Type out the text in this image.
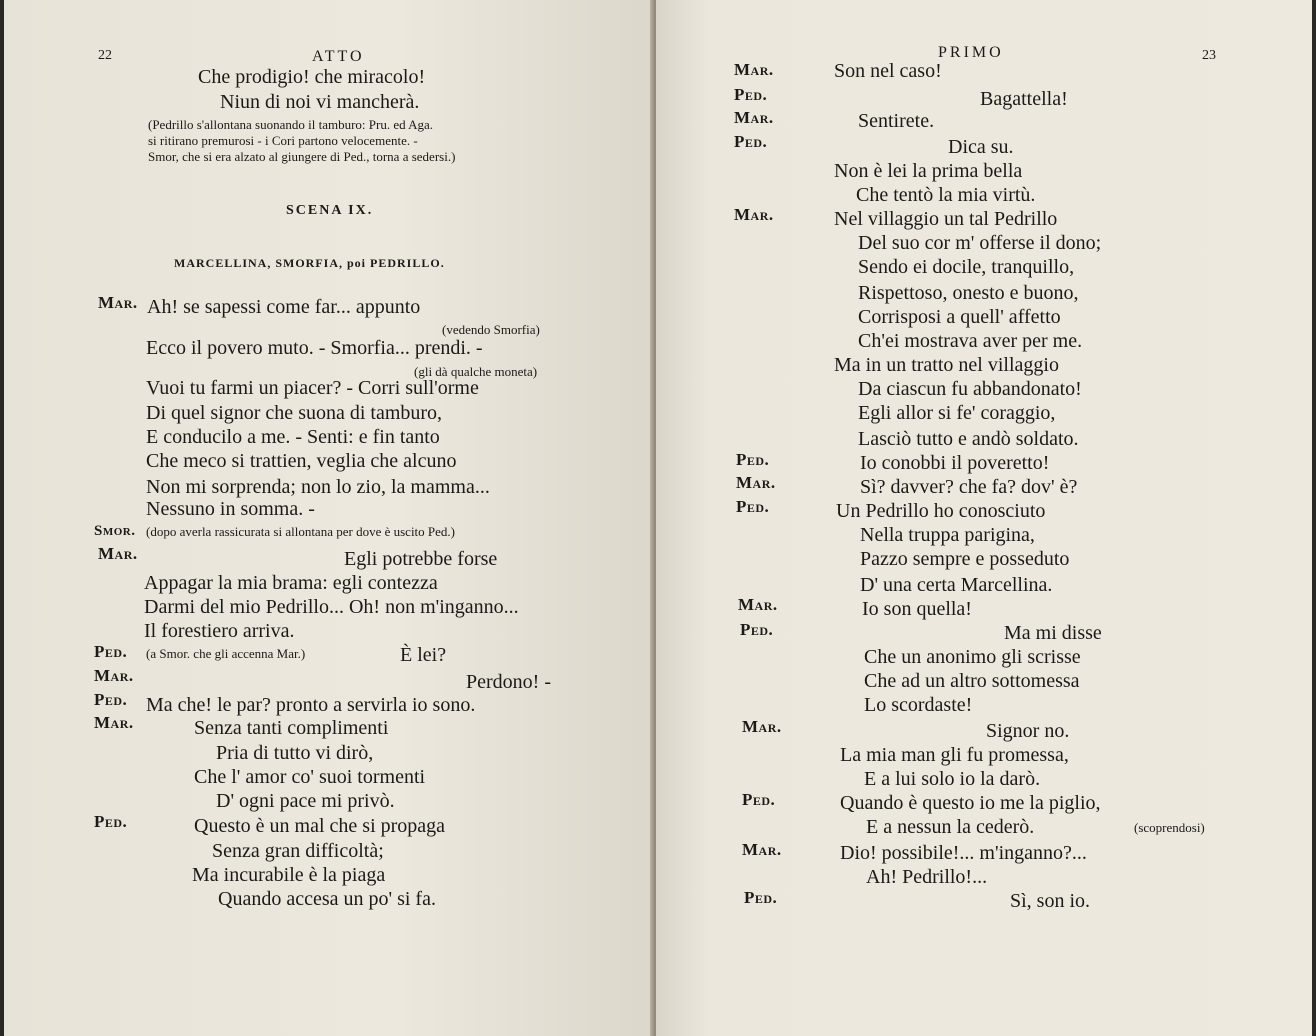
22	ATTO
Che prodigio! che miracolo!
Niun di noi vi mancherà.
(Pedrillo s'allontana suonando il tamburo: Pru. ed Aga.
si ritirano premurosi - i Cori partono velocemente. -
Smor, che si era alzato al giungere di Ped., torna a sedersi.)
SCENA IX.
MARCELLINA, SMORFIA, poi PEDRILLO.
Mar. Ah! se sapessi come far... appunto
(vedendo Smorfia)
Ecco il povero muto. - Smorfia... prendi. -
(gli dà qualche moneta)
Vuoi tu farmi un piacer? - Corri sull'orme
Di quel signor che suona di tamburo,
E conducilo a me. - Senti: e fin tanto
Che meco si trattien, veglia che alcuno
Non mi sorprenda; non lo zio, la mamma...
Nessuno in somma. -
Smor. (dopo averla rassicurata si allontana per dove è uscito Ped.)
Mar.	Egli potrebbe forse
Appagar la mia brama: egli contezza
Darmi del mio Pedrillo... Oh! non m'inganno...
Il forestiero arriva.
Ped. (a Smor. che gli accenna Mar.)	È lei?
Mar.	Perdono! -
Ped. Ma che! le par? pronto a servirla io sono.
Mar.	Senza tanti complimenti
Pria di tutto vi dirò,
Che l' amor co' suoi tormenti
D' ogni pace mi privò.
Ped.	Questo è un mal che si propaga
Senza gran difficoltà;
Ma incurabile è la piaga
Quando accesa un po' si fa.
PRIMO	23
Mar.	Son nel caso!
Ped.	Bagattella!
Mar.	Sentirete.
Ped.	Dica su.
Non è lei la prima bella
Che tentò la mia virtù.
Mar.	Nel villaggio un tal Pedrillo
Del suo cor m' offerse il dono;
Sendo ei docile, tranquillo,
Rispettoso, onesto e buono,
Corrisposi a quell' affetto
Ch'ei mostrava aver per me.
Ma in un tratto nel villaggio
Da ciascun fu abbandonato!
Egli allor si fe' coraggio,
Lasciò tutto e andò soldato.
Ped.	Io conobbi il poveretto!
Mar.	Sì? davver? che fa? dov' è?
Ped.	Un Pedrillo ho conosciuto
Nella truppa parigina,
Pazzo sempre e posseduto
D' una certa Marcellina.
Mar.	Io son quella!
Ped.	Ma mi disse
Che un anonimo gli scrisse
Che ad un altro sottomessa
Lo scordaste!
Mar.	Signor no.
La mia man gli fu promessa,
E a lui solo io la darò.
Ped.	Quando è questo io me la piglio,
E a nessun la cederò.	(scoprendosi)
Mar.	Dio! possibile!... m'inganno?...
Ah! Pedrillo!...
Ped.	Sì, son io.
